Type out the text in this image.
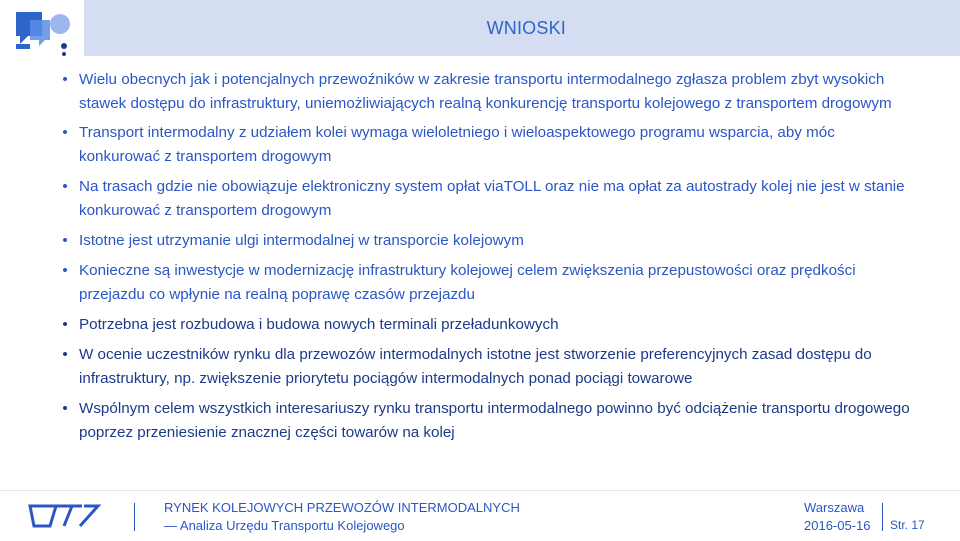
WNIOSKI
• Wielu obecnych jak i potencjalnych przewoźników w zakresie transportu intermodalnego zgłasza problem zbyt wysokich stawek dostępu do infrastruktury, uniemożliwiających realną konkurencję transportu kolejowego z transportem drogowym
• Transport intermodalny z udziałem kolei wymaga wieloletniego i wieloaspektowego programu wsparcia, aby móc konkurować z transportem drogowym
• Na trasach gdzie nie obowiązuje elektroniczny system opłat viaTOLL oraz nie ma opłat za autostrady kolej nie jest w stanie konkurować z transportem drogowym
• Istotne jest utrzymanie ulgi intermodalnej w transporcie kolejowym
• Konieczne są inwestycje w modernizację infrastruktury kolejowej celem zwiększenia przepustowości oraz prędkości przejazdu co wpłynie na realną poprawę czasów przejazdu
• Potrzebna jest rozbudowa i budowa nowych terminali przeładunkowych
• W ocenie uczestników rynku dla przewozów intermodalnych istotne jest stworzenie preferencyjnych zasad dostępu do infrastruktury, np. zwiększenie priorytetu pociągów intermodalnych ponad pociągi towarowe
• Wspólnym celem wszystkich interesariuszy rynku transportu intermodalnego powinno być odciążenie transportu drogowego poprzez przeniesienie znacznej części towarów na kolej
RYNEK KOLEJOWYCH PRZEWOZÓW INTERMODALNYCH
— Analiza Urzędu Transportu Kolejowego
Warszawa
2016-05-16 Str. 17
